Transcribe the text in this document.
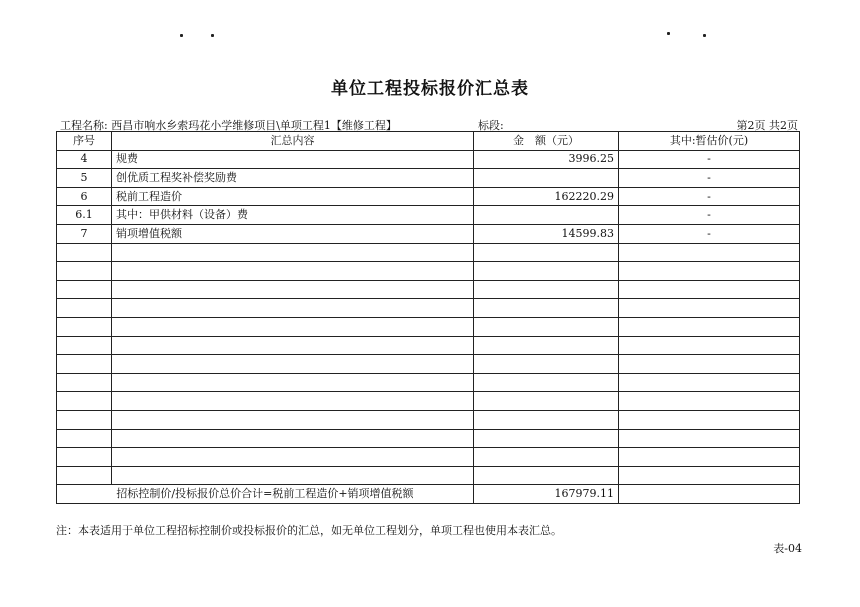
单位工程投标报价汇总表
工程名称: 西昌市响水乡索玛花小学维修项目\单项工程1【维修工程】	标段:	第2页 共2页
序号	汇总内容	金　额（元）	其中:暂估价(元)
4	规费	3996.25	-
5	创优质工程奖补偿奖励费		-
6	税前工程造价	162220.29	-
6.1	其中：甲供材料（设备）费		-
7	销项增值税额	14599.83	-

招标控制价/投标报价总价合计=税前工程造价+销项增值税额		167979.11	
注：本表适用于单位工程招标控制价或投标报价的汇总，如无单位工程划分，单项工程也使用本表汇总。
表-04
